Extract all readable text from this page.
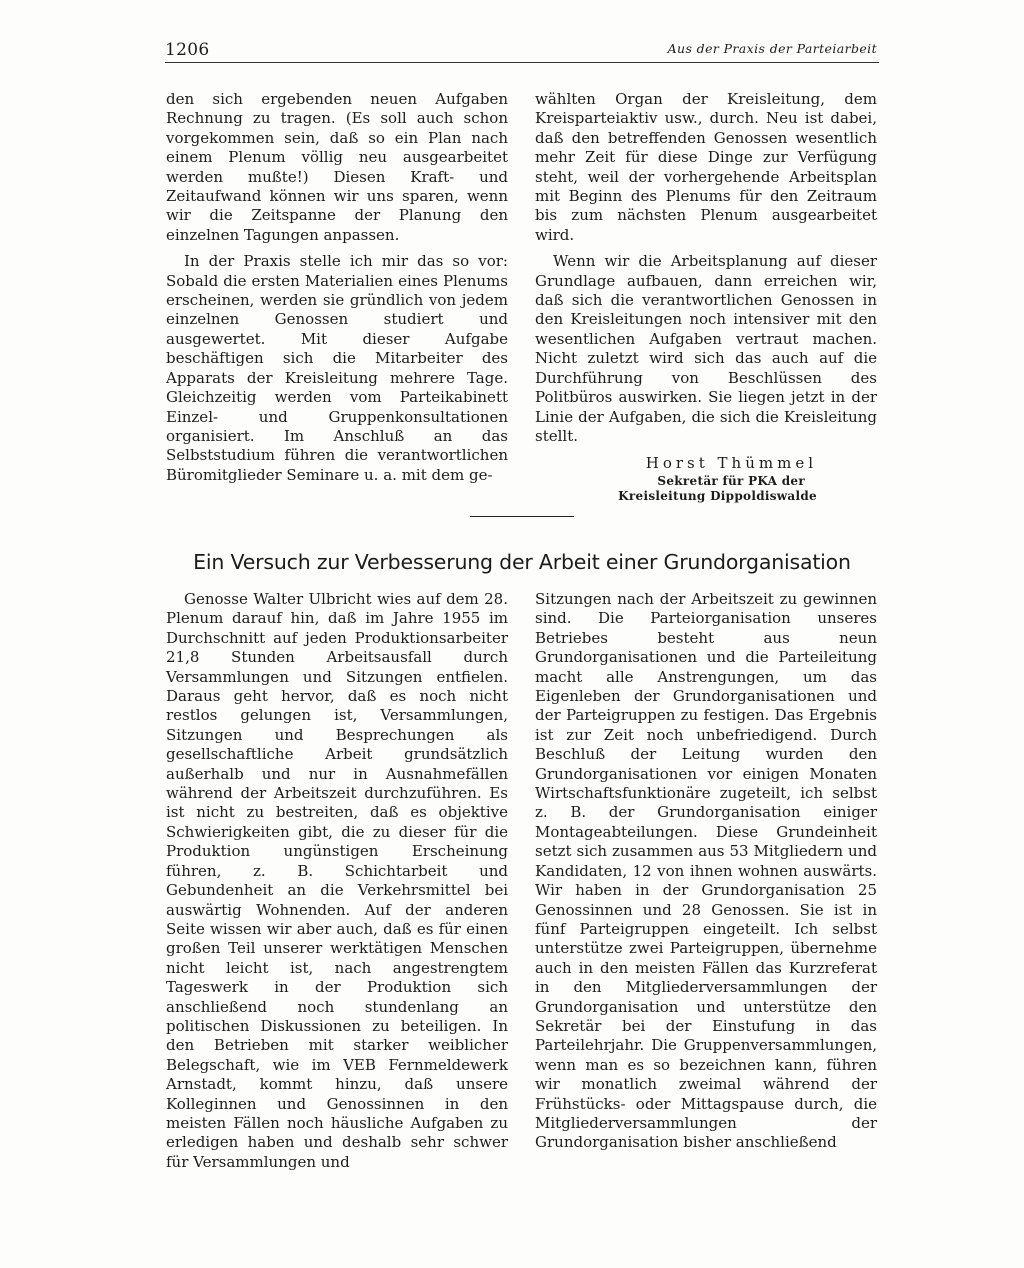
1206	Aus der Praxis der Parteiarbeit

den sich ergebenden neuen Aufgaben Rechnung zu tragen. (Es soll auch schon vorgekommen sein, daß so ein Plan nach einem Plenum völlig neu ausgearbeitet werden mußte!) Diesen Kraft- und Zeitaufwand können wir uns sparen, wenn wir die Zeitspanne der Planung den einzelnen Tagungen anpassen.

In der Praxis stelle ich mir das so vor: Sobald die ersten Materialien eines Plenums erscheinen, werden sie gründlich von jedem einzelnen Genossen studiert und ausgewertet. Mit dieser Aufgabe beschäftigen sich die Mitarbeiter des Apparats der Kreisleitung mehrere Tage. Gleichzeitig werden vom Parteikabinett Einzel- und Gruppenkonsultationen organisiert. Im Anschluß an das Selbststudium führen die verantwortlichen Büromitglieder Seminare u. a. mit dem ge-

wählten Organ der Kreisleitung, dem Kreisparteiaktiv usw., durch. Neu ist dabei, daß den betreffenden Genossen wesentlich mehr Zeit für diese Dinge zur Verfügung steht, weil der vorhergehende Arbeitsplan mit Beginn des Plenums für den Zeitraum bis zum nächsten Plenum ausgearbeitet wird.

Wenn wir die Arbeitsplanung auf dieser Grundlage aufbauen, dann erreichen wir, daß sich die verantwortlichen Genossen in den Kreisleitungen noch intensiver mit den wesentlichen Aufgaben vertraut machen. Nicht zuletzt wird sich das auch auf die Durchführung von Beschlüssen des Politbüros auswirken. Sie liegen jetzt in der Linie der Aufgaben, die sich die Kreisleitung stellt.

Horst Thümmel
Sekretär für PKA der
Kreisleitung Dippoldiswalde
Ein Versuch zur Verbesserung der Arbeit einer Grundorganisation

Genosse Walter Ulbricht wies auf dem 28. Plenum darauf hin, daß im Jahre 1955 im Durchschnitt auf jeden Produktionsarbeiter 21,8 Stunden Arbeitsausfall durch Versammlungen und Sitzungen entfielen. Daraus geht hervor, daß es noch nicht restlos gelungen ist, Versammlungen, Sitzungen und Besprechungen als gesellschaftliche Arbeit grundsätzlich außerhalb und nur in Ausnahmefällen während der Arbeitszeit durchzuführen. Es ist nicht zu bestreiten, daß es objektive Schwierigkeiten gibt, die zu dieser für die Produktion ungünstigen Erscheinung führen, z. B. Schichtarbeit und Gebundenheit an die Verkehrsmittel bei auswärtig Wohnenden. Auf der anderen Seite wissen wir aber auch, daß es für einen großen Teil unserer werktätigen Menschen nicht leicht ist, nach angestrengtem Tageswerk in der Produktion sich anschließend noch stundenlang an politischen Diskussionen zu beteiligen. In den Betrieben mit starker weiblicher Belegschaft, wie im VEB Fernmeldewerk Arnstadt, kommt hinzu, daß unsere Kolleginnen und Genossinnen in den meisten Fällen noch häusliche Aufgaben zu erledigen haben und deshalb sehr schwer für Versammlungen und

Sitzungen nach der Arbeitszeit zu gewinnen sind. Die Parteiorganisation unseres Betriebes besteht aus neun Grundorganisationen und die Parteileitung macht alle Anstrengungen, um das Eigenleben der Grundorganisationen und der Parteigruppen zu festigen. Das Ergebnis ist zur Zeit noch unbefriedigend. Durch Beschluß der Leitung wurden den Grundorganisationen vor einigen Monaten Wirtschaftsfunktionäre zugeteilt, ich selbst z. B. der Grundorganisation einiger Montageabteilungen. Diese Grundeinheit setzt sich zusammen aus 53 Mitgliedern und Kandidaten, 12 von ihnen wohnen auswärts. Wir haben in der Grundorganisation 25 Genossinnen und 28 Genossen. Sie ist in fünf Parteigruppen eingeteilt. Ich selbst unterstütze zwei Parteigruppen, übernehme auch in den meisten Fällen das Kurzreferat in den Mitgliederversammlungen der Grundorganisation und unterstütze den Sekretär bei der Einstufung in das Parteilehrjahr. Die Gruppenversammlungen, wenn man es so bezeichnen kann, führen wir monatlich zweimal während der Frühstücks- oder Mittagspause durch, die Mitgliederversammlungen der Grundorganisation bisher anschließend
